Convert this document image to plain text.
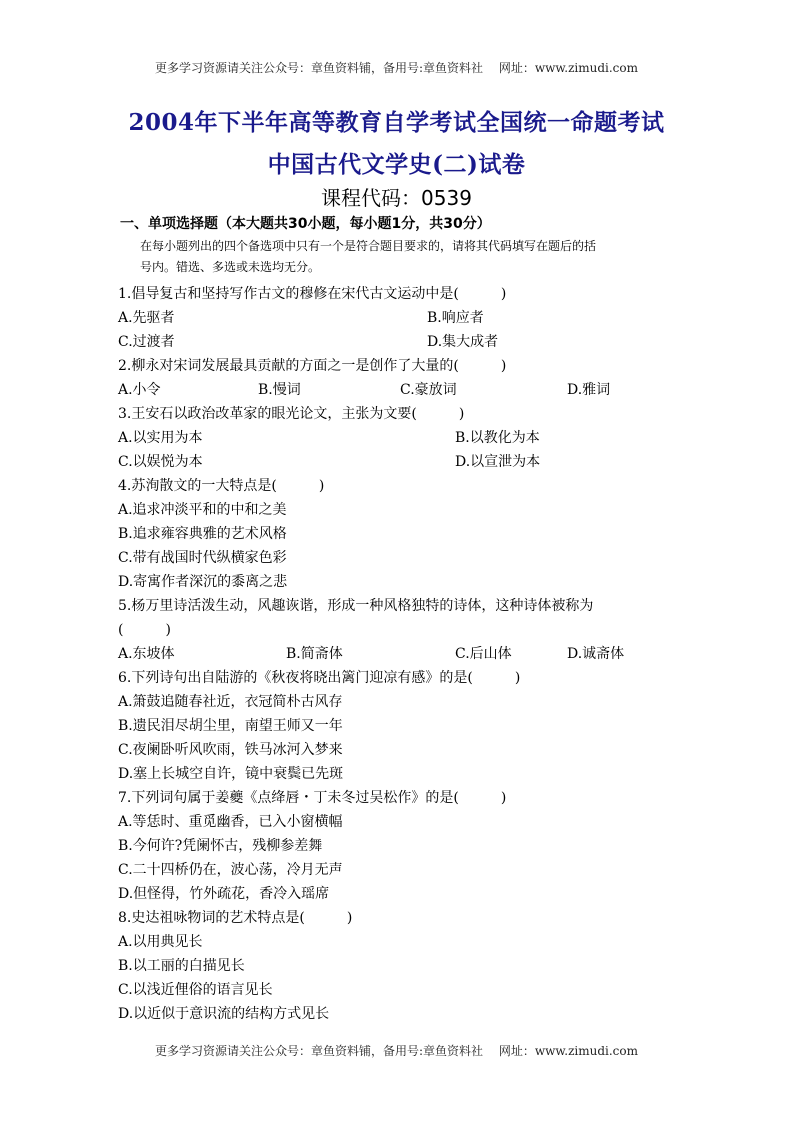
更多学习资源请关注公众号：章鱼资料铺，备用号:章鱼资料社　 网址：www.zimudi.com
2004年下半年高等教育自学考试全国统一命题考试
中国古代文学史(二)试卷
课程代码：0539
一、单项选择题（本大题共30小题，每小题1分，共30分）
在每小题列出的四个备选项中只有一个是符合题目要求的，请将其代码填写在题后的括
号内。错选、多选或未选均无分。
1.倡导复古和坚持写作古文的穆修在宋代古文运动中是(　　　)
A.先驱者	B.响应者
C.过渡者	D.集大成者
2.柳永对宋词发展最具贡献的方面之一是创作了大量的(　　　)
A.小令	B.慢词	C.豪放词	D.雅词
3.王安石以政治改革家的眼光论文，主张为文要(　　　)
A.以实用为本	B.以教化为本
C.以娱悦为本	D.以宣泄为本
4.苏洵散文的一大特点是(　　　)
A.追求冲淡平和的中和之美
B.追求雍容典雅的艺术风格
C.带有战国时代纵横家色彩
D.寄寓作者深沉的黍离之悲
5.杨万里诗活泼生动，风趣诙谐，形成一种风格独特的诗体，这种诗体被称为
(　　　)
A.东坡体	B.简斋体	C.后山体	D.诚斋体
6.下列诗句出自陆游的《秋夜将晓出篱门迎凉有感》的是(　　　)
A.箫鼓追随春社近，衣冠简朴古风存
B.遗民泪尽胡尘里，南望王师又一年
C.夜阑卧听风吹雨，铁马冰河入梦来
D.塞上长城空自许，镜中衰鬓已先斑
7.下列词句属于姜夔《点绛唇・丁未冬过吴松作》的是(　　　)
A.等恁时、重觅幽香，已入小窗横幅
B.今何许?凭阑怀古，残柳参差舞
C.二十四桥仍在，波心荡，冷月无声
D.但怪得，竹外疏花，香冷入瑶席
8.史达祖咏物词的艺术特点是(　　　)
A.以用典见长
B.以工丽的白描见长
C.以浅近俚俗的语言见长
D.以近似于意识流的结构方式见长
更多学习资源请关注公众号：章鱼资料铺，备用号:章鱼资料社　 网址：www.zimudi.com
